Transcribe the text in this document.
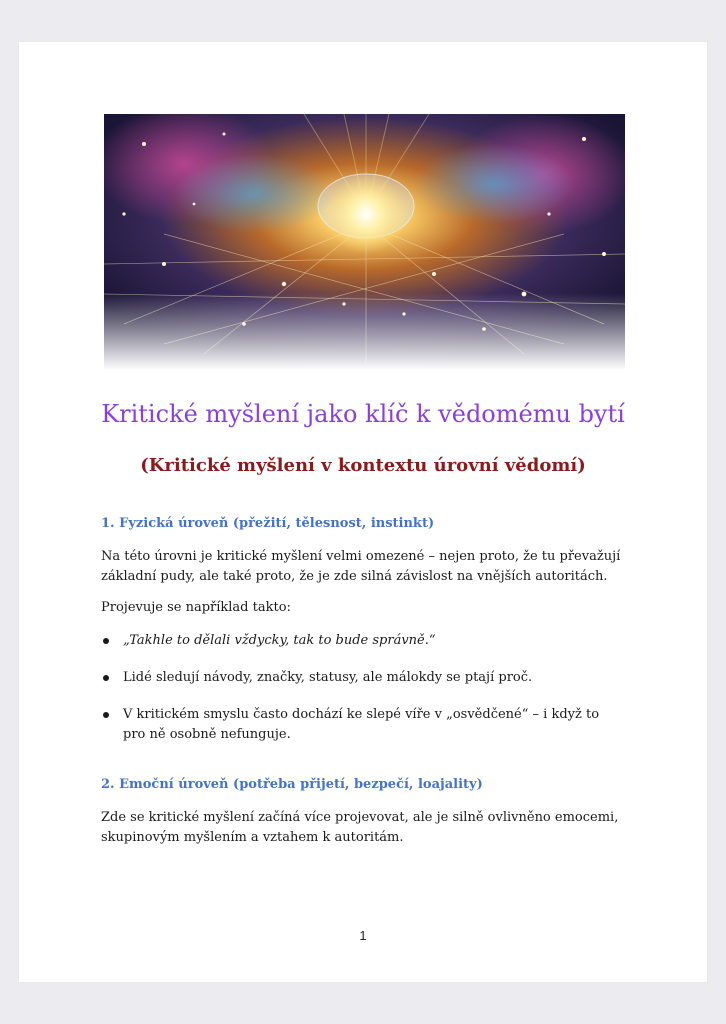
Kritické myšlení jako klíč k vědomému bytí
(Kritické myšlení v kontextu úrovní vědomí)
1. Fyzická úroveň (přežití, tělesnost, instinkt)
Na této úrovni je kritické myšlení velmi omezené – nejen proto, že tu převažují základní pudy, ale také proto, že je zde silná závislost na vnějších autoritách.
Projevuje se například takto:
„Takhle to dělali vždycky, tak to bude správně.“
Lidé sledují návody, značky, statusy, ale málokdy se ptají proč.
V kritickém smyslu často dochází ke slepé víře v „osvědčené“ – i když to pro ně osobně nefunguje.
2. Emoční úroveň (potřeba přijetí, bezpečí, loajality)
Zde se kritické myšlení začíná více projevovat, ale je silně ovlivněno emocemi, skupinovým myšlením a vztahem k autoritám.
1
